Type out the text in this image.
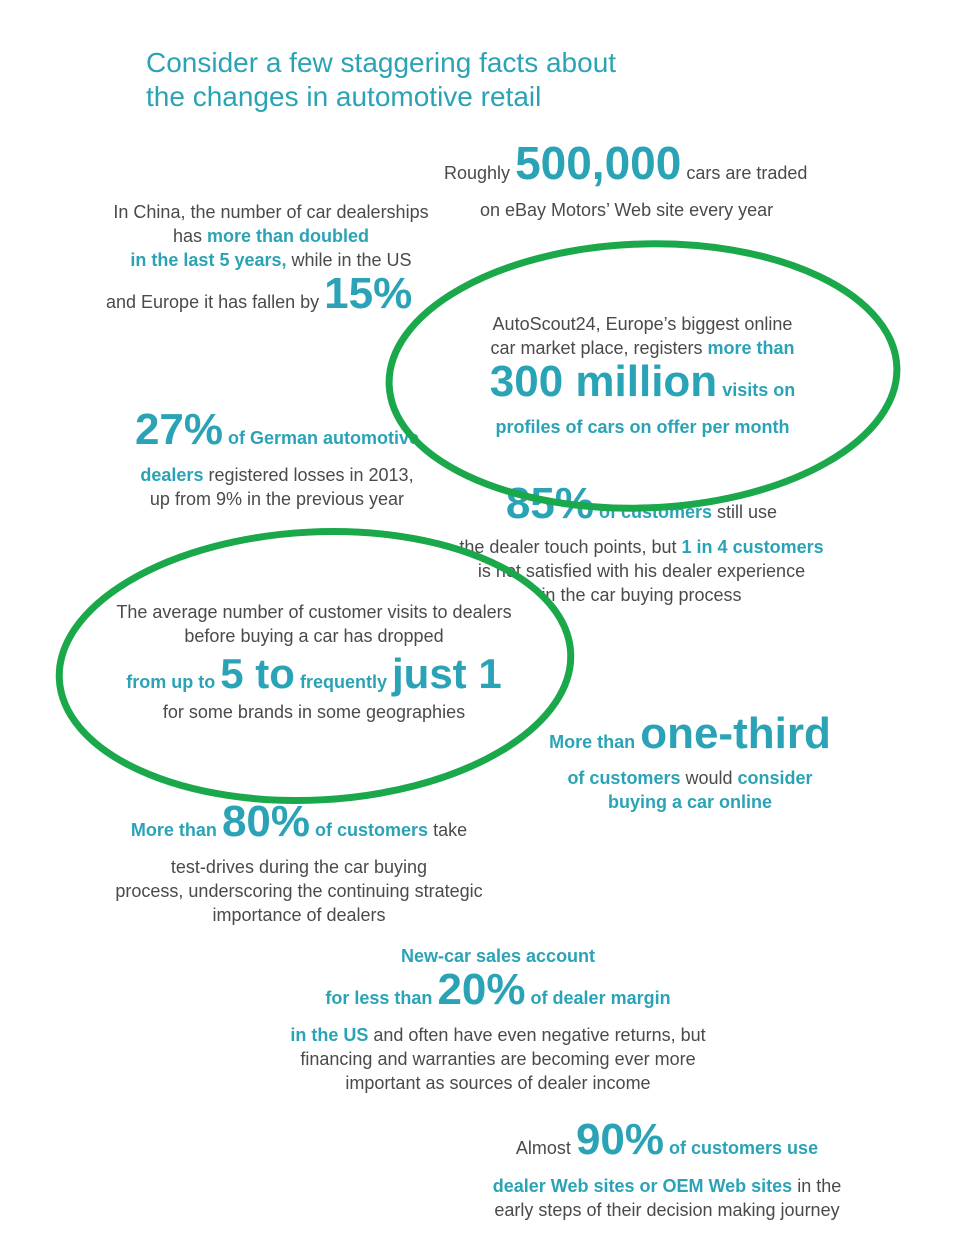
Consider a few staggering facts about
the changes in automotive retail
Roughly 500,000 cars are traded
on eBay Motors’ Web site every year
In China, the number of car dealerships
has more than doubled
in the last 5 years, while in the US
and Europe it has fallen by 15%
AutoScout24, Europe’s biggest online
car market place, registers more than
300 million visits on
profiles of cars on offer per month
27% of German automotive
dealers registered losses in 2013,
up from 9% in the previous year	85% of customers still use
the dealer touch points, but 1 in 4 customers
is not satisfied with his dealer experience
in the car buying process
The average number of customer visits to dealers
before buying a car has dropped
from up to 5 to frequently just 1
for some brands in some geographies
More than one-third
of customers would consider
buying a car online
More than 80% of customers take
test-drives during the car buying
process, underscoring the continuing strategic
importance of dealers
New-car sales account
for less than 20% of dealer margin
in the US and often have even negative returns, but
financing and warranties are becoming ever more
important as sources of dealer income
Almost 90% of customers use
dealer Web sites or OEM Web sites in the
early steps of their decision making journey
